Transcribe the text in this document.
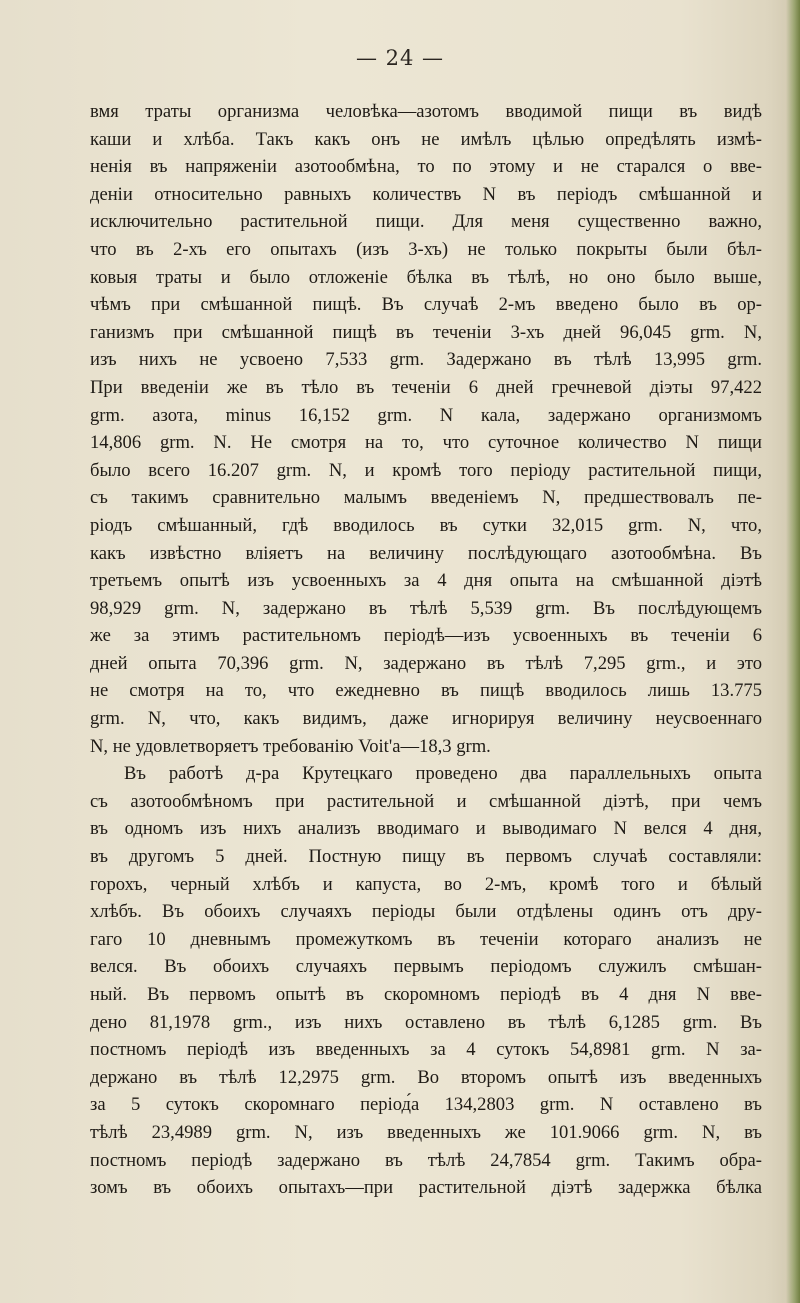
— 24 —

вмя траты организма человѣка—азотомъ вводимой пищи въ видѣ
каши и хлѣба. Такъ какъ онъ не имѣлъ цѣлью опредѣлять измѣ-
ненія въ напряженіи азотообмѣна, то по этому и не старался о вве-
деніи относительно равныхъ количествъ N въ періодъ смѣшанной и
исключительно растительной пищи. Для меня существенно важно,
что въ 2-хъ его опытахъ (изъ 3-хъ) не только покрыты были бѣл-
ковыя траты и было отложеніе бѣлка въ тѣлѣ, но оно было выше,
чѣмъ при смѣшанной пищѣ. Въ случаѣ 2-мъ введено было въ ор-
ганизмъ при смѣшанной пищѣ въ теченіи 3-хъ дней 96,045 grm. N,
изъ нихъ не усвоено 7,533 grm. Задержано въ тѣлѣ 13,995 grm.
При введеніи же въ тѣло въ теченіи 6 дней гречневой діэты 97,422
grm. азота, minus 16,152 grm. N кала, задержано организмомъ
14,806 grm. N. Не смотря на то, что суточное количество N пищи
было всего 16.207 grm. N, и кромѣ того періоду растительной пищи,
съ такимъ сравнительно малымъ введеніемъ N, предшествовалъ пе-
ріодъ смѣшанный, гдѣ вводилось въ сутки 32,015 grm. N, что,
какъ извѣстно вліяетъ на величину послѣдующаго азотообмѣна. Въ
третьемъ опытѣ изъ усвоенныхъ за 4 дня опыта на смѣшанной діэтѣ
98,929 grm. N, задержано въ тѣлѣ 5,539 grm. Въ послѣдующемъ
же за этимъ растительномъ періодѣ—изъ усвоенныхъ въ теченіи 6
дней опыта 70,396 grm. N, задержано въ тѣлѣ 7,295 grm., и это
не смотря на то, что ежедневно въ пищѣ вводилось лишь 13.775
grm. N, что, какъ видимъ, даже игнорируя величину неусвоеннаго
N, не удовлетворяетъ требованію Voit'а—18,3 grm.

Въ работѣ д-ра Крутецкаго проведено два параллельныхъ опыта
съ азотообмѣномъ при растительной и смѣшанной діэтѣ, при чемъ
въ одномъ изъ нихъ анализъ вводимаго и выводимаго N велся 4 дня,
въ другомъ 5 дней. Постную пищу въ первомъ случаѣ составляли:
горохъ, черный хлѣбъ и капуста, во 2-мъ, кромѣ того и бѣлый
хлѣбъ. Въ обоихъ случаяхъ періоды были отдѣлены одинъ отъ дру-
гаго 10 дневнымъ промежуткомъ въ теченіи котораго анализъ не
велся. Въ обоихъ случаяхъ первымъ періодомъ служилъ смѣшан-
ный. Въ первомъ опытѣ въ скоромномъ періодѣ въ 4 дня N вве-
дено 81,1978 grm., изъ нихъ оставлено въ тѣлѣ 6,1285 grm. Въ
постномъ періодѣ изъ введенныхъ за 4 сутокъ 54,8981 grm. N за-
держано въ тѣлѣ 12,2975 grm. Во второмъ опытѣ изъ введенныхъ
за 5 сутокъ скоромнаго період́а 134,2803 grm. N оставлено въ
тѣлѣ 23,4989 grm. N, изъ введенныхъ же 101.9066 grm. N, въ
постномъ періодѣ задержано въ тѣлѣ 24,7854 grm. Такимъ обра-
зомъ въ обоихъ опытахъ—при растительной діэтѣ задержка бѣлка
